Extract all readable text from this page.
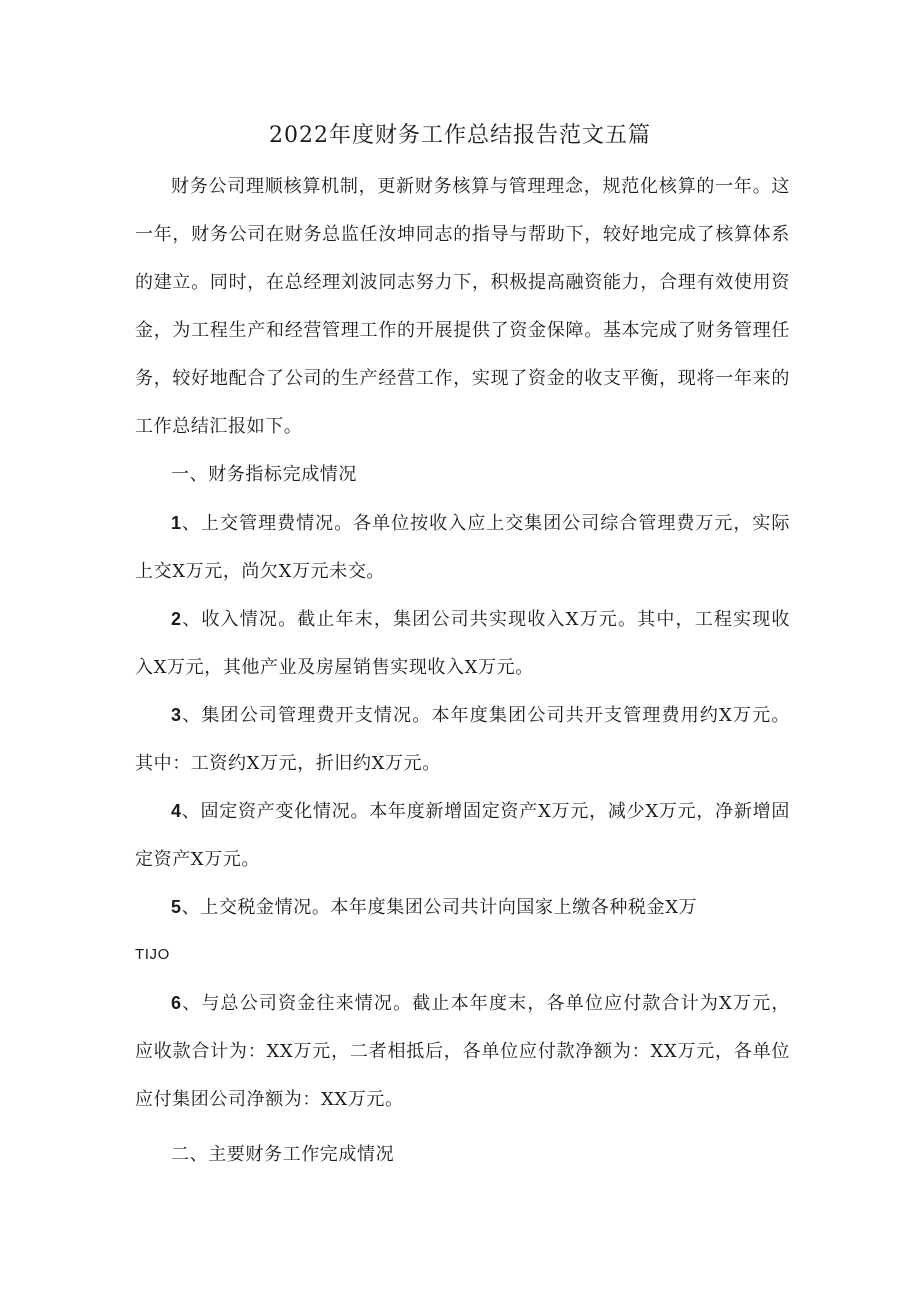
2022年度财务工作总结报告范文五篇

财务公司理顺核算机制，更新财务核算与管理理念，规范化核算的一年。这一年，财务公司在财务总监任汝坤同志的指导与帮助下，较好地完成了核算体系的建立。同时，在总经理刘波同志努力下，积极提高融资能力，合理有效使用资金，为工程生产和经营管理工作的开展提供了资金保障。基本完成了财务管理任务，较好地配合了公司的生产经营工作，实现了资金的收支平衡，现将一年来的工作总结汇报如下。

一、财务指标完成情况

1、上交管理费情况。各单位按收入应上交集团公司综合管理费万元，实际上交X万元，尚欠X万元未交。

2、收入情况。截止年末，集团公司共实现收入X万元。其中，工程实现收入X万元，其他产业及房屋销售实现收入X万元。

3、集团公司管理费开支情况。本年度集团公司共开支管理费用约X万元。其中：工资约X万元，折旧约X万元。

4、固定资产变化情况。本年度新增固定资产X万元，减少X万元，净新增固定资产X万元。

5、上交税金情况。本年度集团公司共计向国家上缴各种税金X万

TIJO

6、与总公司资金往来情况。截止本年度末，各单位应付款合计为X万元，应收款合计为：XX万元，二者相抵后，各单位应付款净额为：XX万元，各单位应付集团公司净额为：XX万元。

二、主要财务工作完成情况
